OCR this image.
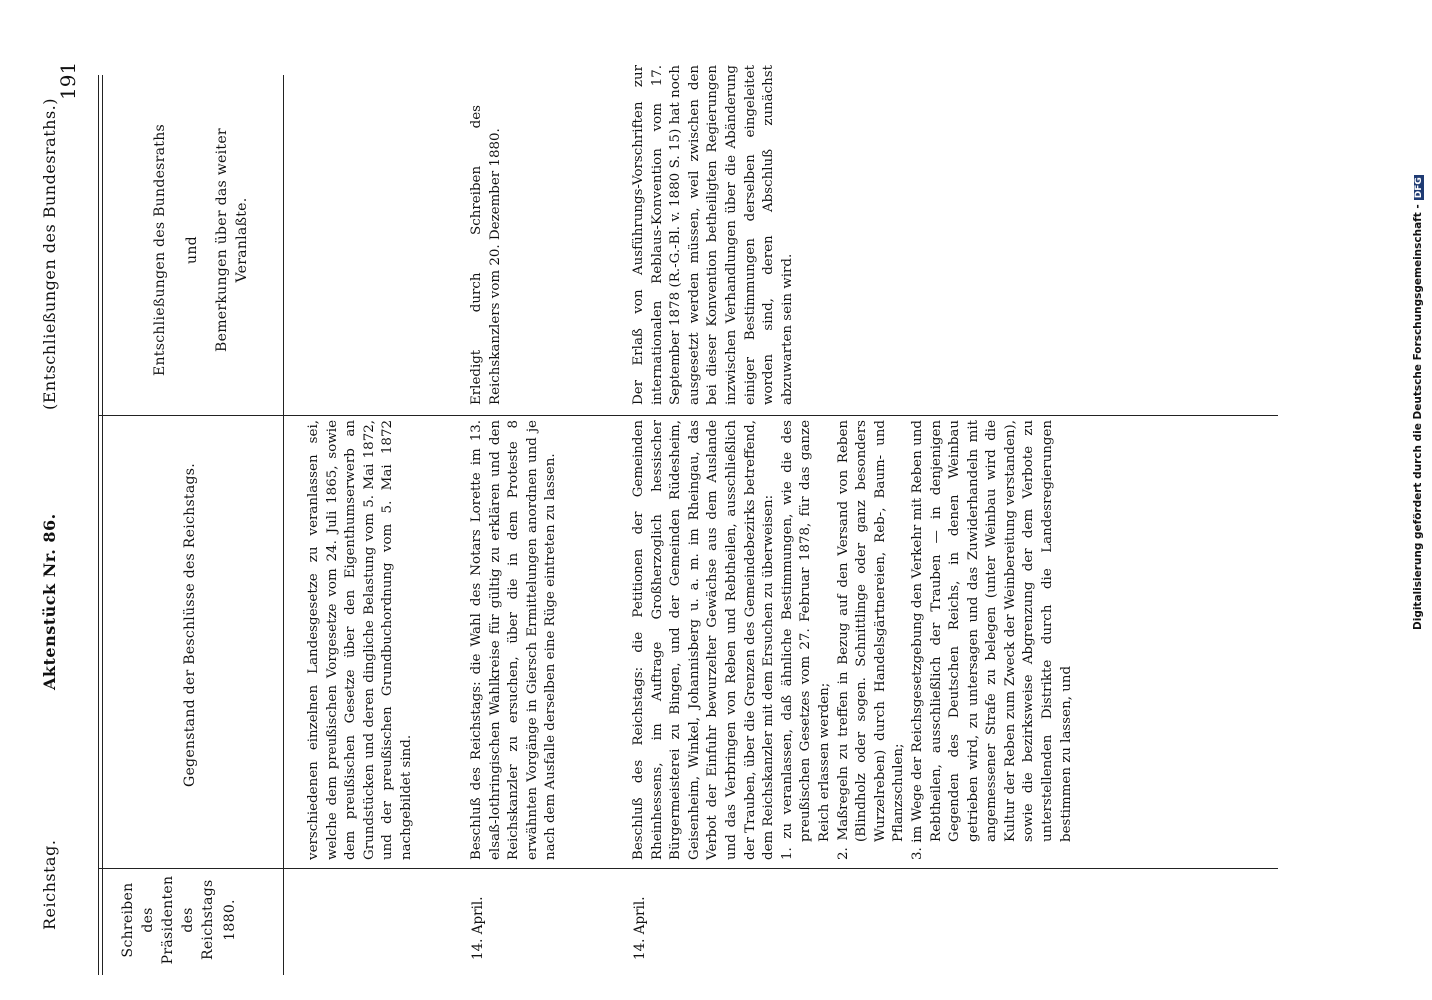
Reichstag.
Aktenstück Nr. 86.
(Entschließungen des Bundesraths.)
191
Schreiben des Präsidenten des Reichstags 1880.
Gegenstand der Beschlüsse des Reichstags.
Entschließungen des Bundesraths und Bemerkungen über das weiter Veranlaßte.
verschiedenen einzelnen Landesgesetze zu veranlassen sei, welche dem preußischen Vorgesetze vom 24. Juli 1865, sowie dem preußischen Gesetze über den Eigenthumserwerb an Grundstücken und deren dingliche Belastung vom 5. Mai 1872, und der preußischen Grundbuchordnung vom 5. Mai 1872 nachgebildet sind.
14. April.
Beschluß des Reichstags: die Wahl des Notars Lorette im 13. elsaß-lothringischen Wahlkreise für gültig zu erklären und den Reichskanzler zu ersuchen, über die in dem Proteste 8 erwähnten Vorgänge in Giersch Ermittelungen anordnen und je nach dem Ausfalle derselben eine Rüge eintreten zu lassen.
Erledigt durch Schreiben des Reichskanzlers vom 20. Dezember 1880.
14. April.
Beschluß des Reichstags: die Petitionen der Gemeinden Rheinhessens, im Auftrage Großherzoglich hessischer Bürgermeisterei zu Bingen, und der Gemeinden Rüdesheim, Geisenheim, Winkel, Johannisberg u. a. m. im Rheingau, das Verbot der Einfuhr bewurzelter Gewächse aus dem Auslande und das Verbringen von Reben und Rebtheilen, ausschließlich der Trauben, über die Grenzen des Gemeindebezirks betreffend, dem Reichskanzler mit dem Ersuchen zu überweisen: 1. zu veranlassen, daß ähnliche Bestimmungen, wie die des preußischen Gesetzes vom 27. Februar 1878, für das ganze Reich erlassen werden; 2. Maßregeln zu treffen in Bezug auf den Versand von Reben (Blindholz oder sogen. Schnittlinge oder ganz besonders Wurzelreben) durch Handelsgärtnereien, Reb-, Baum- und Pflanzschulen; 3. im Wege der Reichsgesetzgebung den Verkehr mit Reben und Rebtheilen, ausschließlich der Trauben — in denjenigen Gegenden des Deutschen Reichs, in denen Weinbau getrieben wird, zu untersagen und das Zuwiderhandeln mit angemessener Strafe zu belegen (unter Weinbau wird die Kultur der Reben zum Zweck der Weinbereitung verstanden), sowie die bezirksweise Abgrenzung der dem Verbote zu unterstellenden Distrikte durch die Landesregierungen bestimmen zu lassen, und
Der Erlaß von Ausführungs-Vorschriften zur internationalen Reblaus-Konvention vom 17. September 1878 (R.-G.-Bl. v. 1880 S. 15) hat noch ausgesetzt werden müssen, weil zwischen den bei dieser Konvention betheiligten Regierungen inzwischen Verhandlungen über die Abänderung einiger Bestimmungen derselben eingeleitet worden sind, deren Abschluß zunächst abzuwarten sein wird.	Digitalisierung gefördert durch die Deutsche Forschungsgemeinschaft -DFG
